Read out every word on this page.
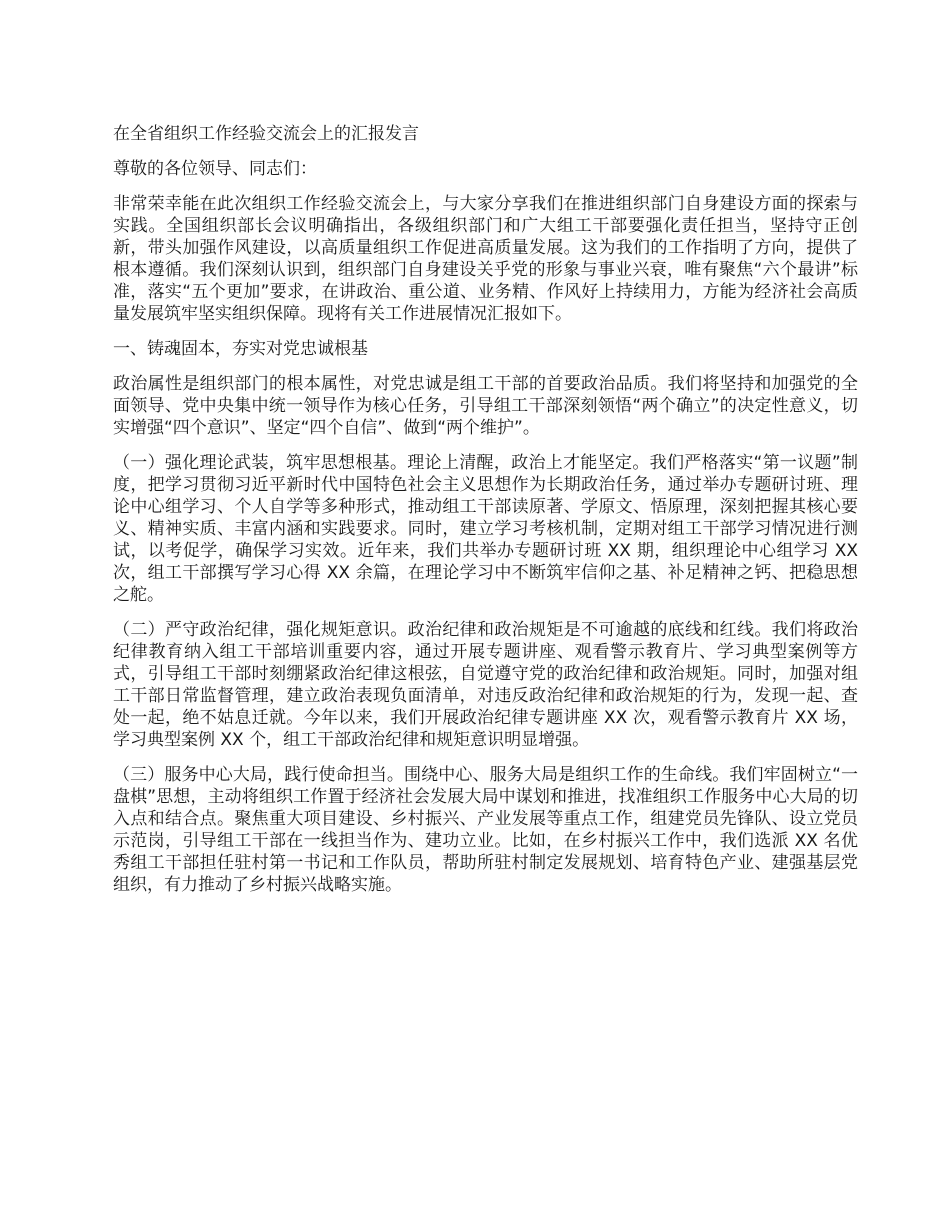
在全省组织工作经验交流会上的汇报发言

尊敬的各位领导、同志们：

非常荣幸能在此次组织工作经验交流会上，与大家分享我们在推进组织部门自身建设方面的探索与实践。全国组织部长会议明确指出，各级组织部门和广大组工干部要强化责任担当，坚持守正创新，带头加强作风建设，以高质量组织工作促进高质量发展。这为我们的工作指明了方向，提供了根本遵循。我们深刻认识到，组织部门自身建设关乎党的形象与事业兴衰，唯有聚焦“六个最讲”标准，落实“五个更加”要求，在讲政治、重公道、业务精、作风好上持续用力，方能为经济社会高质量发展筑牢坚实组织保障。现将有关工作进展情况汇报如下。

一、铸魂固本，夯实对党忠诚根基

政治属性是组织部门的根本属性，对党忠诚是组工干部的首要政治品质。我们将坚持和加强党的全面领导、党中央集中统一领导作为核心任务，引导组工干部深刻领悟“两个确立”的决定性意义，切实增强“四个意识”、坚定“四个自信”、做到“两个维护”。

（一）强化理论武装，筑牢思想根基。理论上清醒，政治上才能坚定。我们严格落实“第一议题”制度，把学习贯彻习近平新时代中国特色社会主义思想作为长期政治任务，通过举办专题研讨班、理论中心组学习、个人自学等多种形式，推动组工干部读原著、学原文、悟原理，深刻把握其核心要义、精神实质、丰富内涵和实践要求。同时，建立学习考核机制，定期对组工干部学习情况进行测试，以考促学，确保学习实效。近年来，我们共举办专题研讨班 XX 期，组织理论中心组学习 XX 次，组工干部撰写学习心得 XX 余篇，在理论学习中不断筑牢信仰之基、补足精神之钙、把稳思想之舵。

（二）严守政治纪律，强化规矩意识。政治纪律和政治规矩是不可逾越的底线和红线。我们将政治纪律教育纳入组工干部培训重要内容，通过开展专题讲座、观看警示教育片、学习典型案例等方式，引导组工干部时刻绷紧政治纪律这根弦，自觉遵守党的政治纪律和政治规矩。同时，加强对组工干部日常监督管理，建立政治表现负面清单，对违反政治纪律和政治规矩的行为，发现一起、查处一起，绝不姑息迁就。今年以来，我们开展政治纪律专题讲座 XX 次，观看警示教育片 XX 场，学习典型案例 XX 个，组工干部政治纪律和规矩意识明显增强。

（三）服务中心大局，践行使命担当。围绕中心、服务大局是组织工作的生命线。我们牢固树立“一盘棋”思想，主动将组织工作置于经济社会发展大局中谋划和推进，找准组织工作服务中心大局的切入点和结合点。聚焦重大项目建设、乡村振兴、产业发展等重点工作，组建党员先锋队、设立党员示范岗，引导组工干部在一线担当作为、建功立业。比如，在乡村振兴工作中，我们选派 XX 名优秀组工干部担任驻村第一书记和工作队员，帮助所驻村制定发展规划、培育特色产业、建强基层党组织，有力推动了乡村振兴战略实施。
